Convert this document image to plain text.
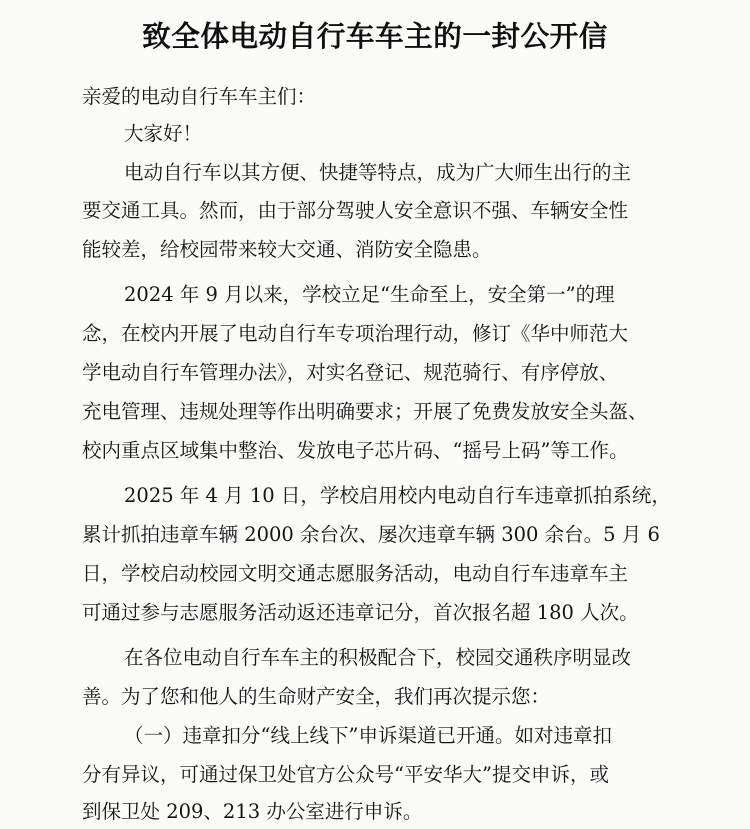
致全体电动自行车车主的一封公开信

亲爱的电动自行车车主们：

大家好！

电动自行车以其方便、快捷等特点，成为广大师生出行的主

要交通工具。然而，由于部分驾驶人安全意识不强、车辆安全性

能较差，给校园带来较大交通、消防安全隐患。

2024 年 9 月以来，学校立足“生命至上，安全第一”的理

念，在校内开展了电动自行车专项治理行动，修订《华中师范大

学电动自行车管理办法》，对实名登记、规范骑行、有序停放、

充电管理、违规处理等作出明确要求；开展了免费发放安全头盔、

校内重点区域集中整治、发放电子芯片码、“摇号上码”等工作。

2025 年 4 月 10 日，学校启用校内电动自行车违章抓拍系统，

累计抓拍违章车辆 2000 余台次、屡次违章车辆 300 余台。5 月 6

日，学校启动校园文明交通志愿服务活动，电动自行车违章车主

可通过参与志愿服务活动返还违章记分，首次报名超 180 人次。

在各位电动自行车车主的积极配合下，校园交通秩序明显改

善。为了您和他人的生命财产安全，我们再次提示您：

（一）违章扣分“线上线下”申诉渠道已开通。如对违章扣

分有异议，可通过保卫处官方公众号“平安华大”提交申诉，或

到保卫处 209、213 办公室进行申诉。
